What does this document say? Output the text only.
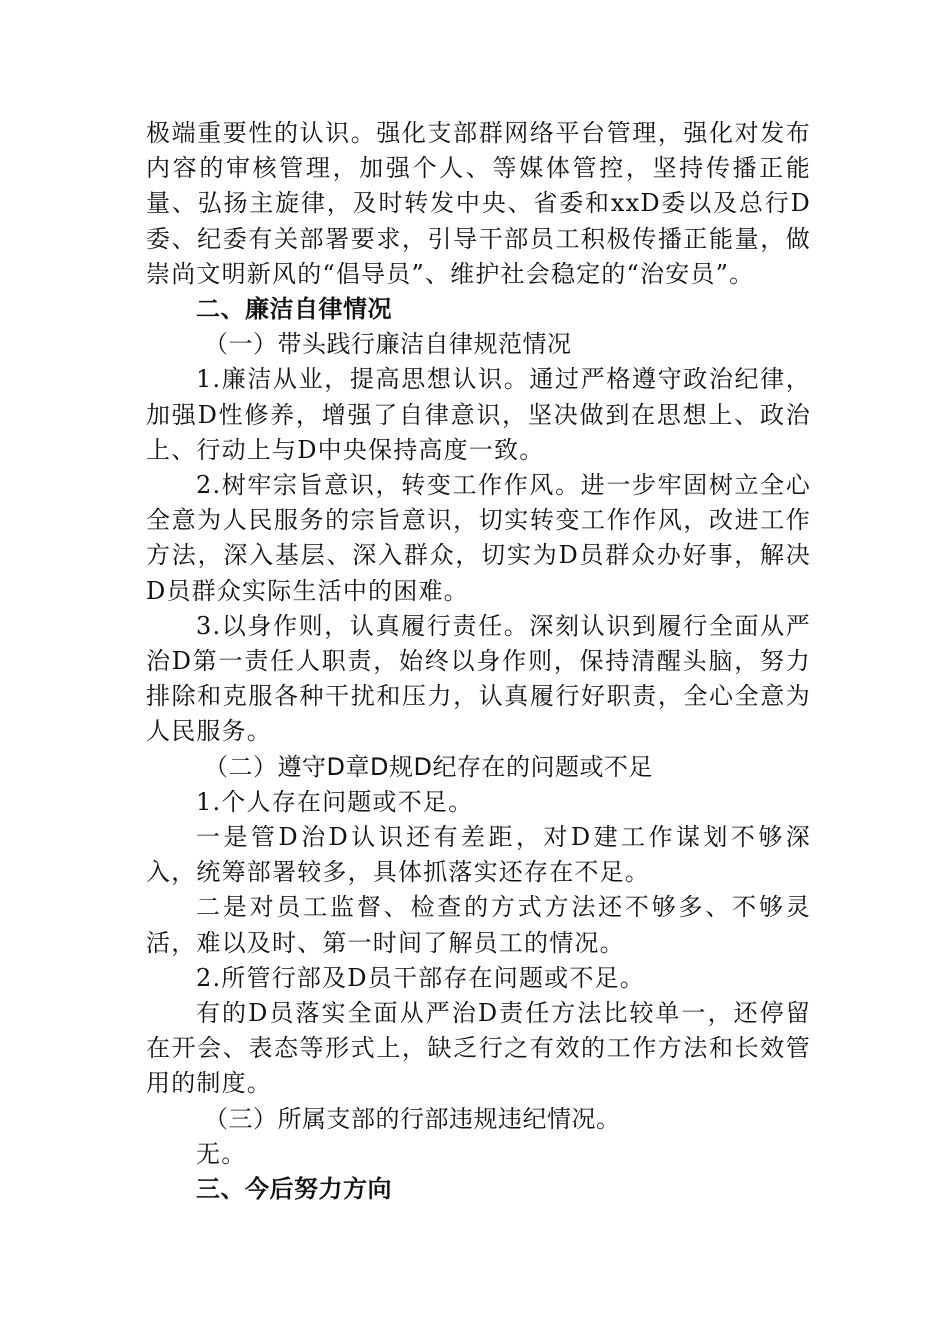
极端重要性的认识。强化支部群网络平台管理，强化对发布内容的审核管理，加强个人、等媒体管控，坚持传播正能量、弘扬主旋律，及时转发中央、省委和xxD委以及总行D委、纪委有关部署要求，引导干部员工积极传播正能量，做崇尚文明新风的“倡导员”、维护社会稳定的“治安员”。

二、廉洁自律情况

（一）带头践行廉洁自律规范情况

1.廉洁从业，提高思想认识。通过严格遵守政治纪律，加强D性修养，增强了自律意识，坚决做到在思想上、政治上、行动上与D中央保持高度一致。

2.树牢宗旨意识，转变工作作风。进一步牢固树立全心全意为人民服务的宗旨意识，切实转变工作作风，改进工作方法，深入基层、深入群众，切实为D员群众办好事，解决D员群众实际生活中的困难。

3.以身作则，认真履行责任。深刻认识到履行全面从严治D第一责任人职责，始终以身作则，保持清醒头脑，努力排除和克服各种干扰和压力，认真履行好职责，全心全意为人民服务。

（二）遵守D章D规D纪存在的问题或不足

1.个人存在问题或不足。

一是管D治D认识还有差距，对D建工作谋划不够深入，统筹部署较多，具体抓落实还存在不足。

二是对员工监督、检查的方式方法还不够多、不够灵活，难以及时、第一时间了解员工的情况。

2.所管行部及D员干部存在问题或不足。

有的D员落实全面从严治D责任方法比较单一，还停留在开会、表态等形式上，缺乏行之有效的工作方法和长效管用的制度。

（三）所属支部的行部违规违纪情况。

无。

三、今后努力方向
